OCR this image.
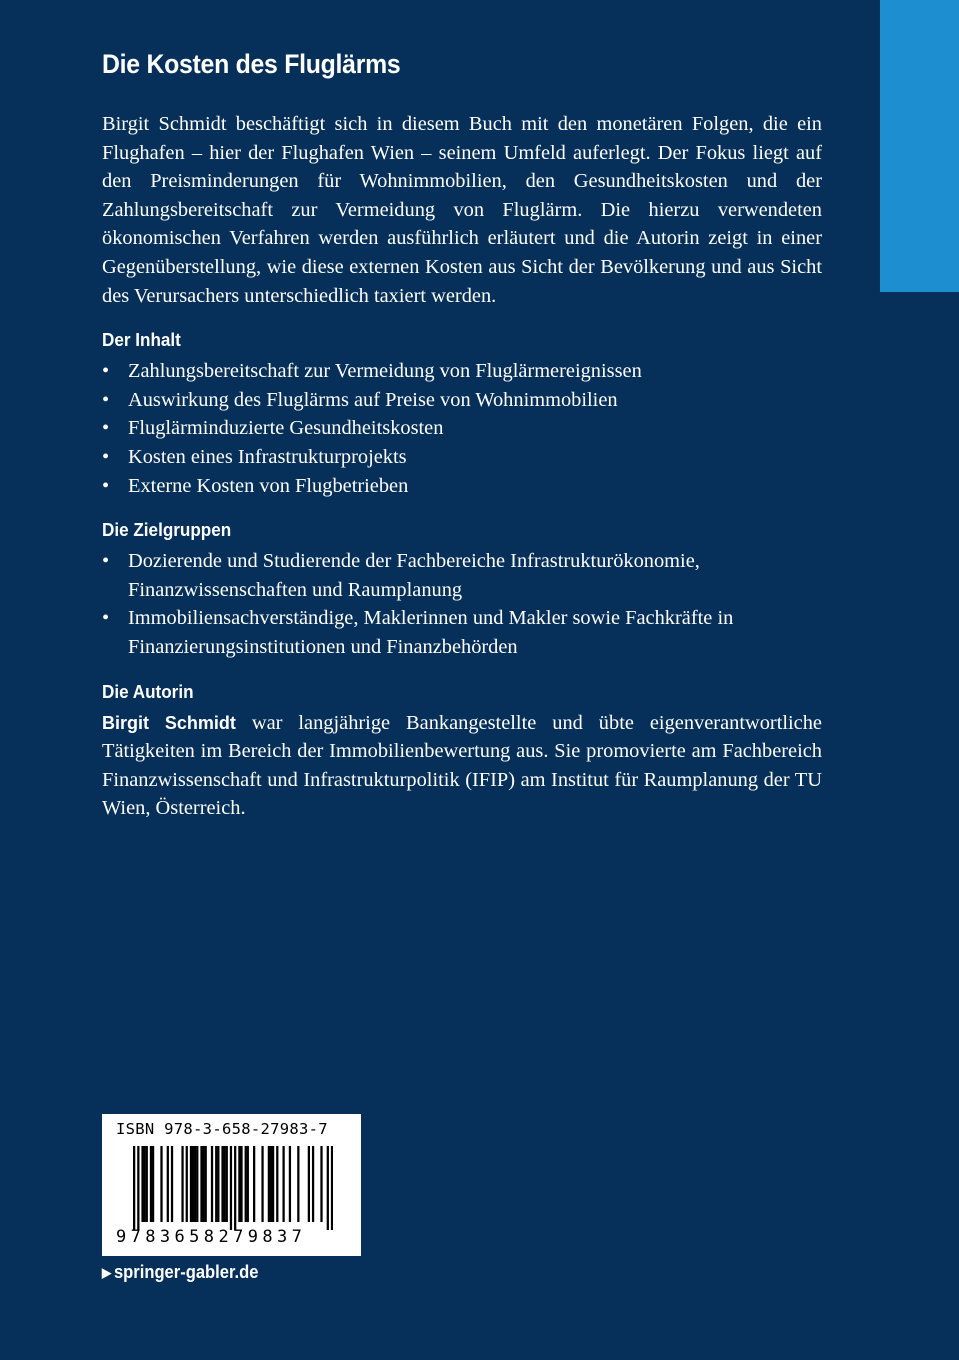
Die Kosten des Fluglärms

Birgit Schmidt beschäftigt sich in diesem Buch mit den monetären Folgen, die ein Flughafen – hier der Flughafen Wien – seinem Umfeld auferlegt. Der Fokus liegt auf den Preisminderungen für Wohnimmobilien, den Gesundheitskosten und der Zahlungsbereitschaft zur Vermeidung von Fluglärm. Die hierzu verwendeten ökonomischen Verfahren werden ausführlich erläutert und die Autorin zeigt in einer Gegenüberstellung, wie diese externen Kosten aus Sicht der Bevölkerung und aus Sicht des Verursachers unterschiedlich taxiert werden.

Der Inhalt
• Zahlungsbereitschaft zur Vermeidung von Fluglärmereignissen
• Auswirkung des Fluglärms auf Preise von Wohnimmobilien
• Fluglärminduzierte Gesundheitskosten
• Kosten eines Infrastrukturprojekts
• Externe Kosten von Flugbetrieben
Die Zielgruppen
• Dozierende und Studierende der Fachbereiche Infrastrukturökonomie, Finanzwissenschaften und Raumplanung
• Immobiliensachverständige, Maklerinnen und Makler sowie Fachkräfte in Finanzierungsinstitutionen und Finanzbehörden
Die Autorin

Birgit Schmidt war langjährige Bankangestellte und übte eigenverantwortliche Tätigkeiten im Bereich der Immobilienbewertung aus. Sie promovierte am Fachbereich Finanzwissenschaft und Infrastrukturpolitik (IFIP) am Institut für Raumplanung der TU Wien, Österreich.

ISBN 978-3-658-27983-7
9783658279837
▶ springer-gabler.de
